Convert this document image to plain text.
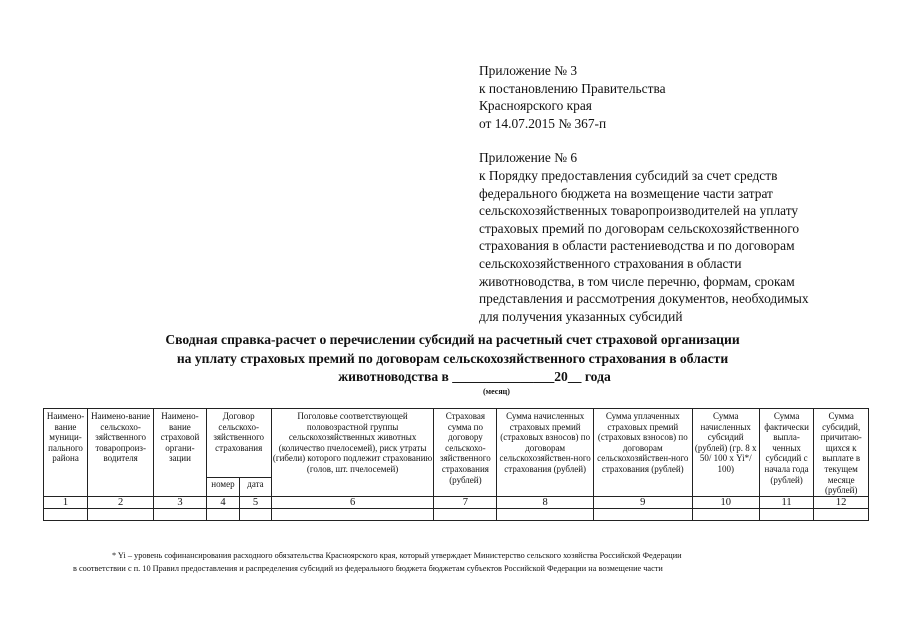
Приложение № 3
к постановлению Правительства
Красноярского края
от 14.07.2015 № 367-п

Приложение № 6
к Порядку предоставления субсидий за счет средств
федерального бюджета на возмещение части затрат
сельскохозяйственных товаропроизводителей на уплату
страховых премий по договорам сельскохозяйственного
страхования в области растениеводства и по договорам
сельскохозяйственного страхования в области
животноводства, в том числе перечню, формам, срокам
представления и рассмотрения документов, необходимых
для получения указанных субсидий

Сводная справка-расчет о перечислении субсидий на расчетный счет страховой организации
на уплату страховых премий по договорам сельскохозяйственного страхования в области
животноводства в _______________20__ года
(месяц)
Наимено-вание муници-пального района	Наимено-вание сельскохо-зяйственного товаропроиз-водителя	Наимено-вание страховой органи-зации	Договор сельскохо-зяйственного страхования		Поголовье соответствующей половозрастной группы сельскохозяйственных животных (количество пчелосемей), риск утраты (гибели) которого подлежит страхованию (голов, шт. пчелосемей)	Страховая сумма по договору сельскохо-зяйственного страхования (рублей)	Сумма начисленных страховых премий (страховых взносов) по договорам сельскохозяйствен-ного страхования (рублей)	Сумма уплаченных страховых премий (страховых взносов) по договорам сельскохозяйствен-ного страхования (рублей)	Сумма начисленных субсидий (рублей) (гр. 8 х 50/ 100 х Yi*/ 100)	Сумма фактически выпла-ченных субсидий с начала года (рублей)	Сумма субсидий, причитаю-щихся к выплате в текущем месяце (рублей)
			номер	дата							
1	2	3	4	5	6	7	8	9	10	11	12

* Yi – уровень софинансирования расходного обязательства Красноярского края, который утверждает Министерство сельского хозяйства Российской Федерации
в соответствии с п. 10 Правил предоставления и распределения субсидий из федерального бюджета бюджетам субъектов Российской Федерации на возмещение части
